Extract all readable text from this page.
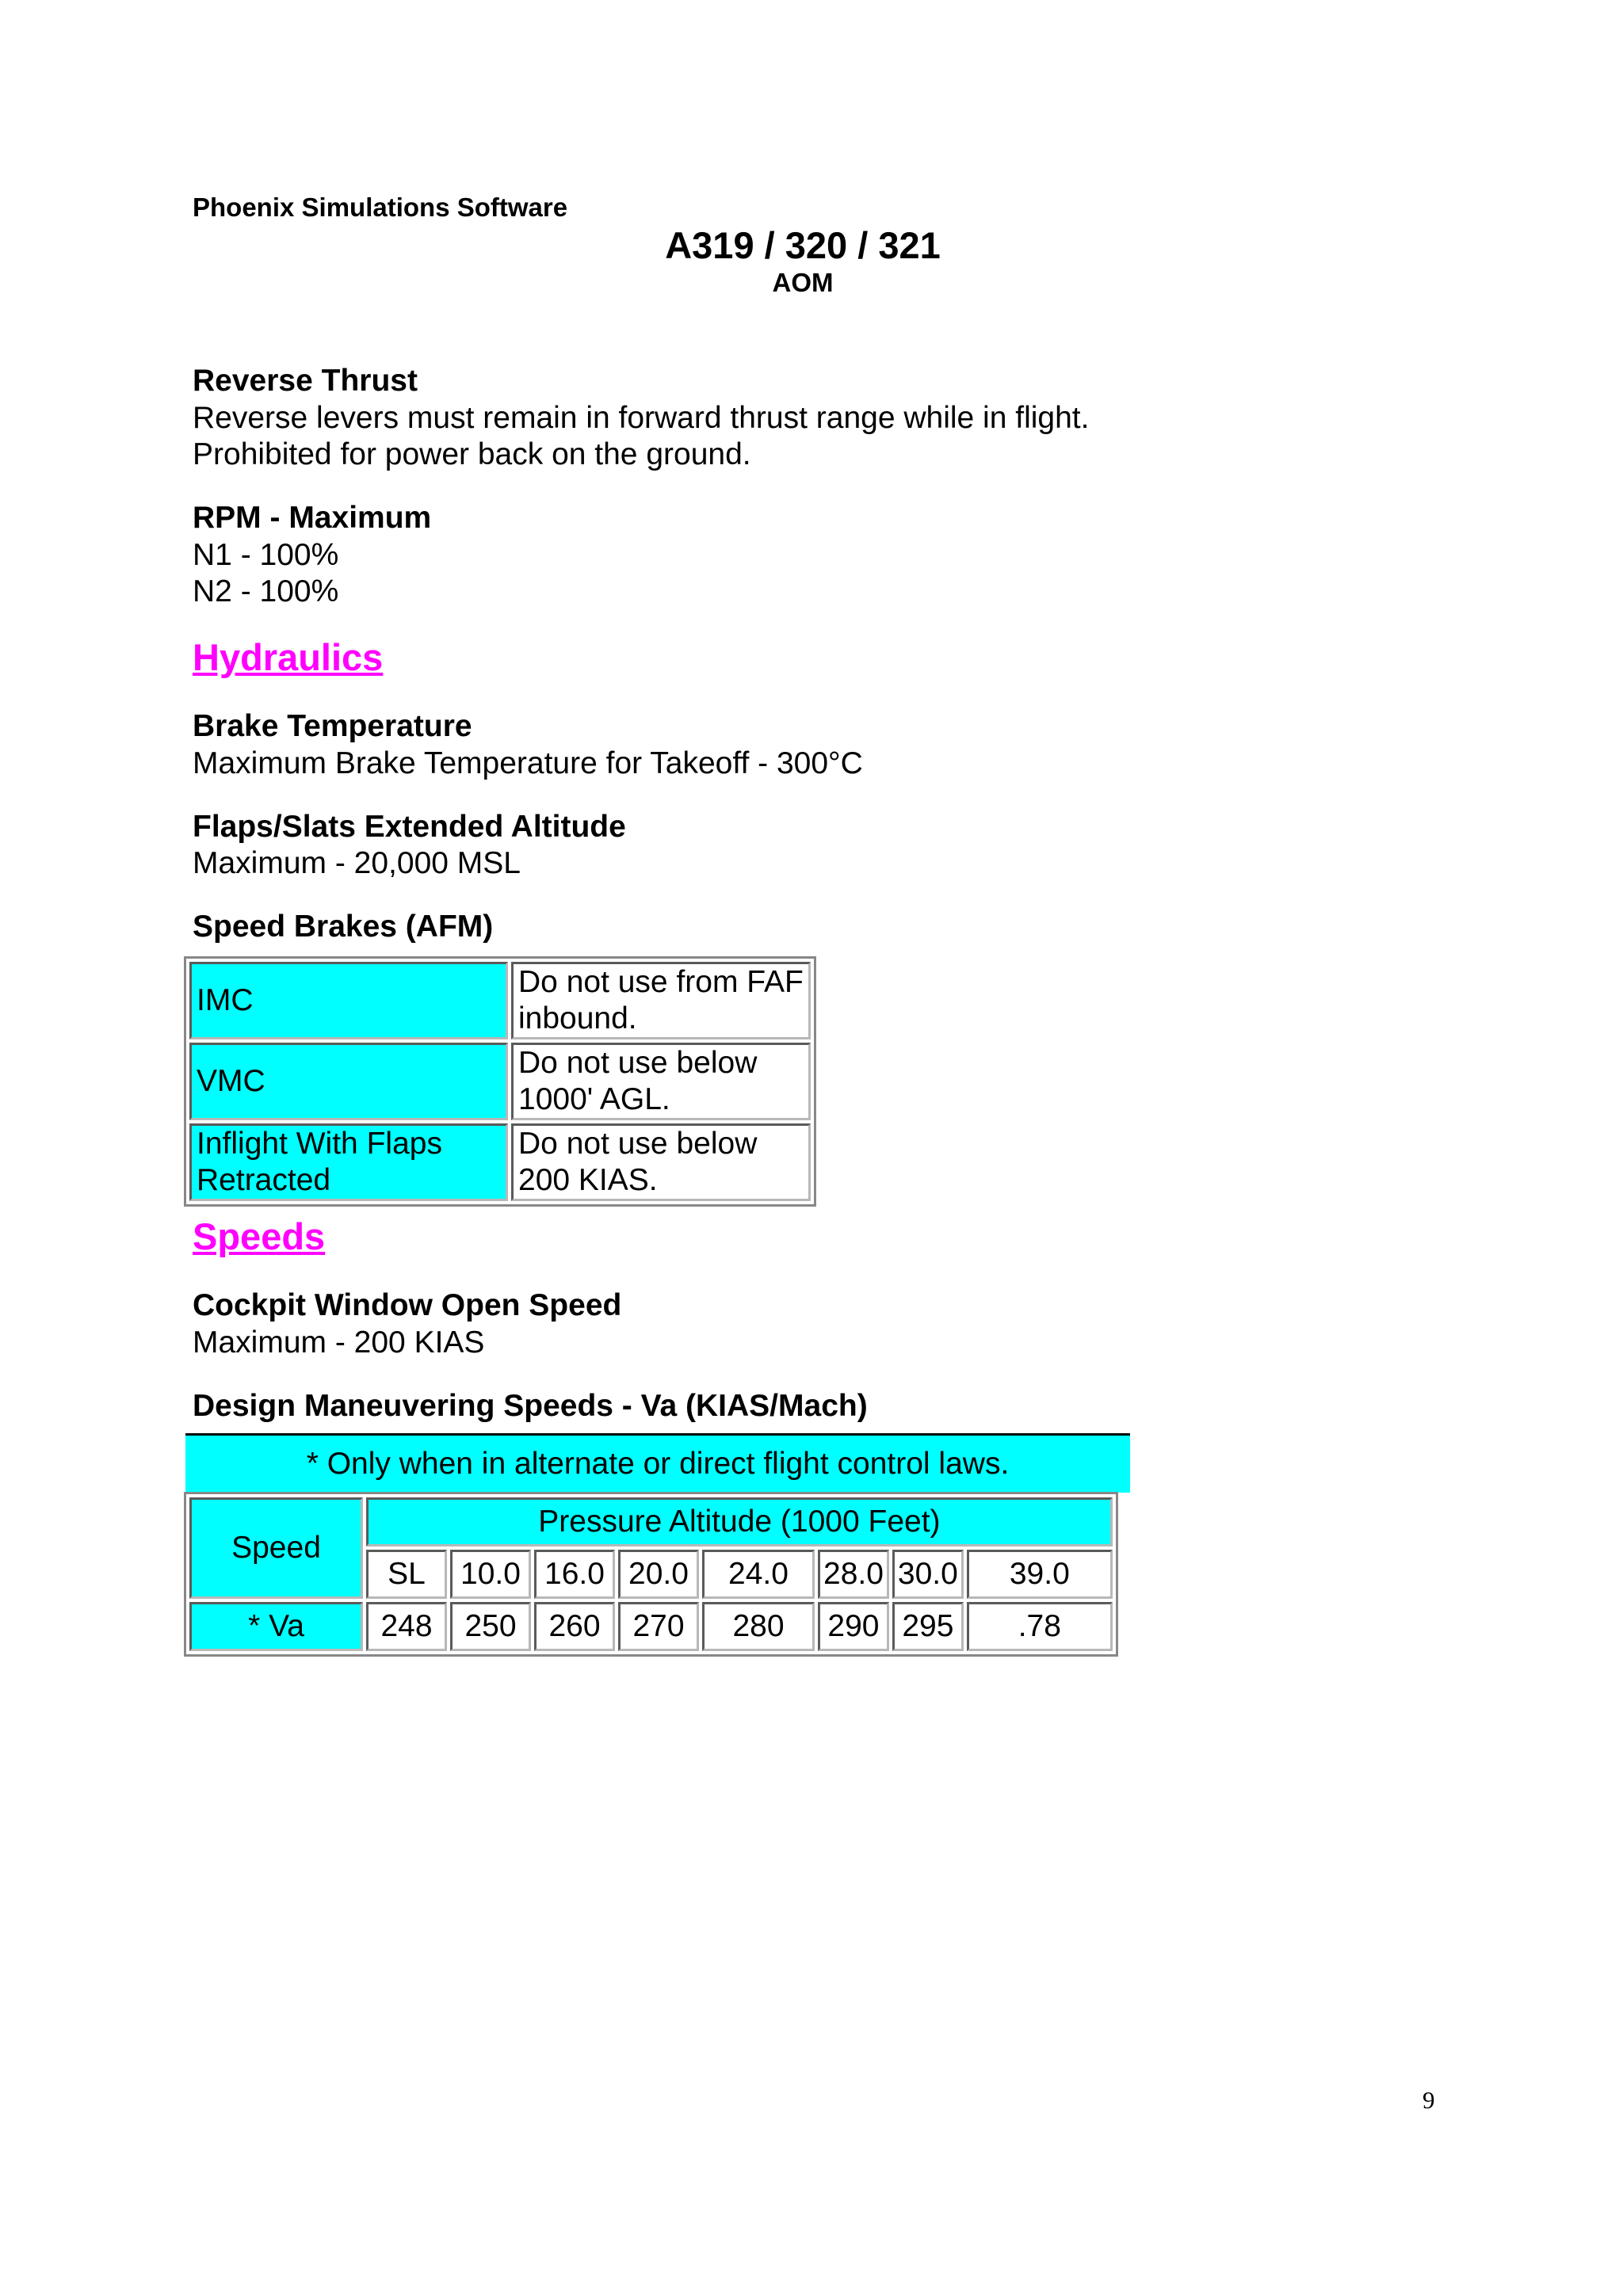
Phoenix Simulations Software
A319 / 320 / 321
AOM
Reverse Thrust
Reverse levers must remain in forward thrust range while in flight.
Prohibited for power back on the ground.
RPM - Maximum
N1 - 100%
N2 - 100%
Hydraulics
Brake Temperature
Maximum Brake Temperature for Takeoff - 300°C
Flaps/Slats Extended Altitude
Maximum - 20,000 MSL
Speed Brakes (AFM)
IMC	Do not use from FAF inbound.
VMC	Do not use below 1000' AGL.

Inflight With Flaps
Retracted	Do not use below 200 KIAS.
Speeds
Cockpit Window Open Speed
Maximum - 200 KIAS
Design Maneuvering Speeds - Va (KIAS/Mach)
* Only when in alternate or direct flight control laws.
Speed	Pressure Altitude (1000 Feet)							
	SL	10.0	16.0	20.0	24.0	28.0	30.0	39.0
* Va	248	250	260	270	280	290	295	.78
9
